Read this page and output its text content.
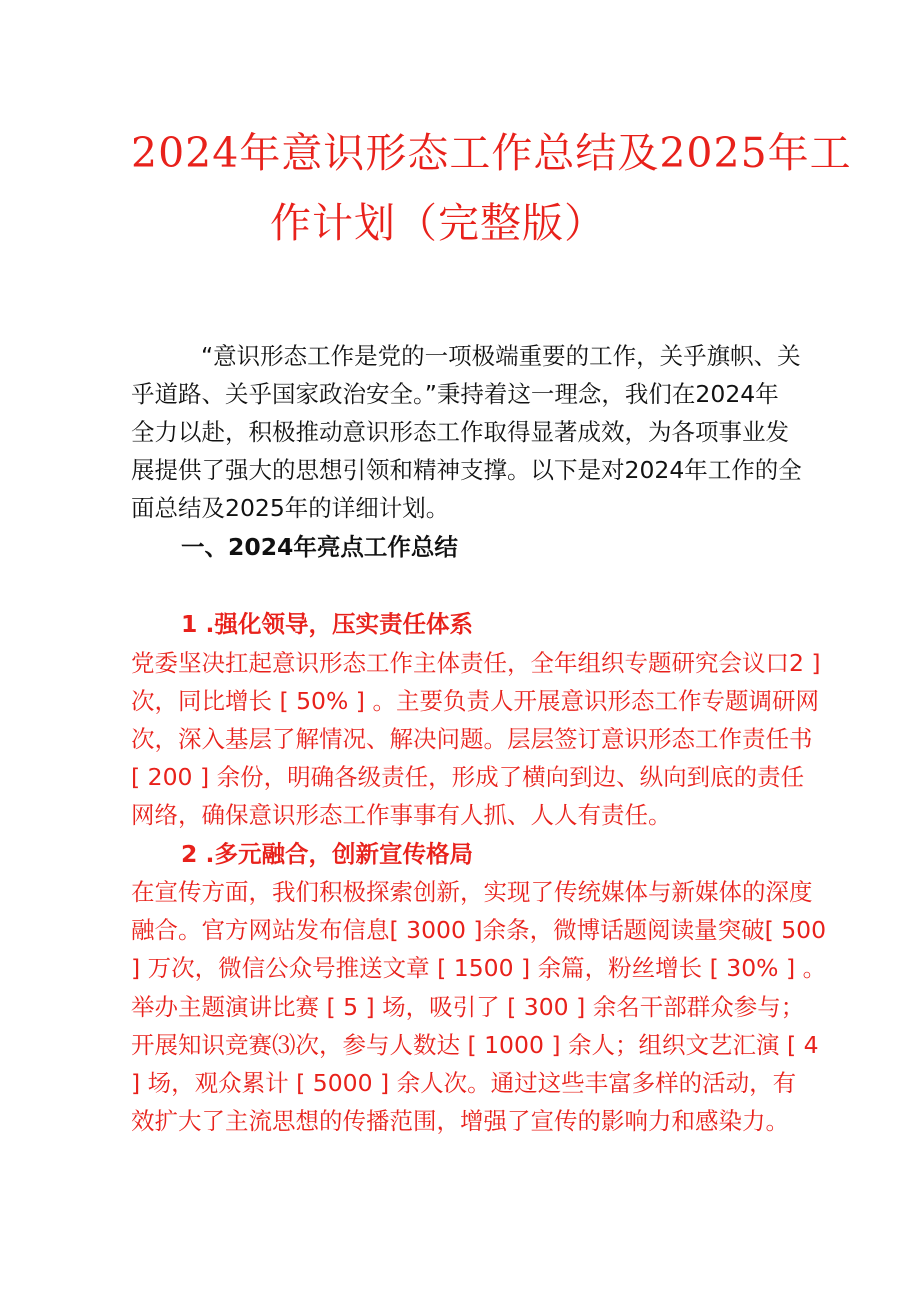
2024年意识形态工作总结及2025年工
作计划（完整版）
“意识形态工作是党的一项极端重要的工作，关乎旗帜、关
乎道路、关乎国家政治安全。”秉持着这一理念，我们在2024年
全力以赴，积极推动意识形态工作取得显著成效，为各项事业发
展提供了强大的思想引领和精神支撑。以下是对2024年工作的全
面总结及2025年的详细计划。
一、2024年亮点工作总结
1 .强化领导，压实责任体系
党委坚决扛起意识形态工作主体责任，全年组织专题研究会议口2 ]
次，同比增长 [ 50% ] 。主要负责人开展意识形态工作专题调研网
次，深入基层了解情况、解决问题。层层签订意识形态工作责任书
[ 200 ] 余份，明确各级责任，形成了横向到边、纵向到底的责任
网络，确保意识形态工作事事有人抓、人人有责任。
2 .多元融合，创新宣传格局
在宣传方面，我们积极探索创新，实现了传统媒体与新媒体的深度
融合。官方网站发布信息[ 3000 ]余条，微博话题阅读量突破[ 500
] 万次，微信公众号推送文章 [ 1500 ] 余篇，粉丝增长 [ 30% ] 。
举办主题演讲比赛 [ 5 ] 场，吸引了 [ 300 ] 余名干部群众参与；
开展知识竞赛⑶次，参与人数达 [ 1000 ] 余人；组织文艺汇演 [ 4
] 场，观众累计 [ 5000 ] 余人次。通过这些丰富多样的活动，有
效扩大了主流思想的传播范围，增强了宣传的影响力和感染力。
